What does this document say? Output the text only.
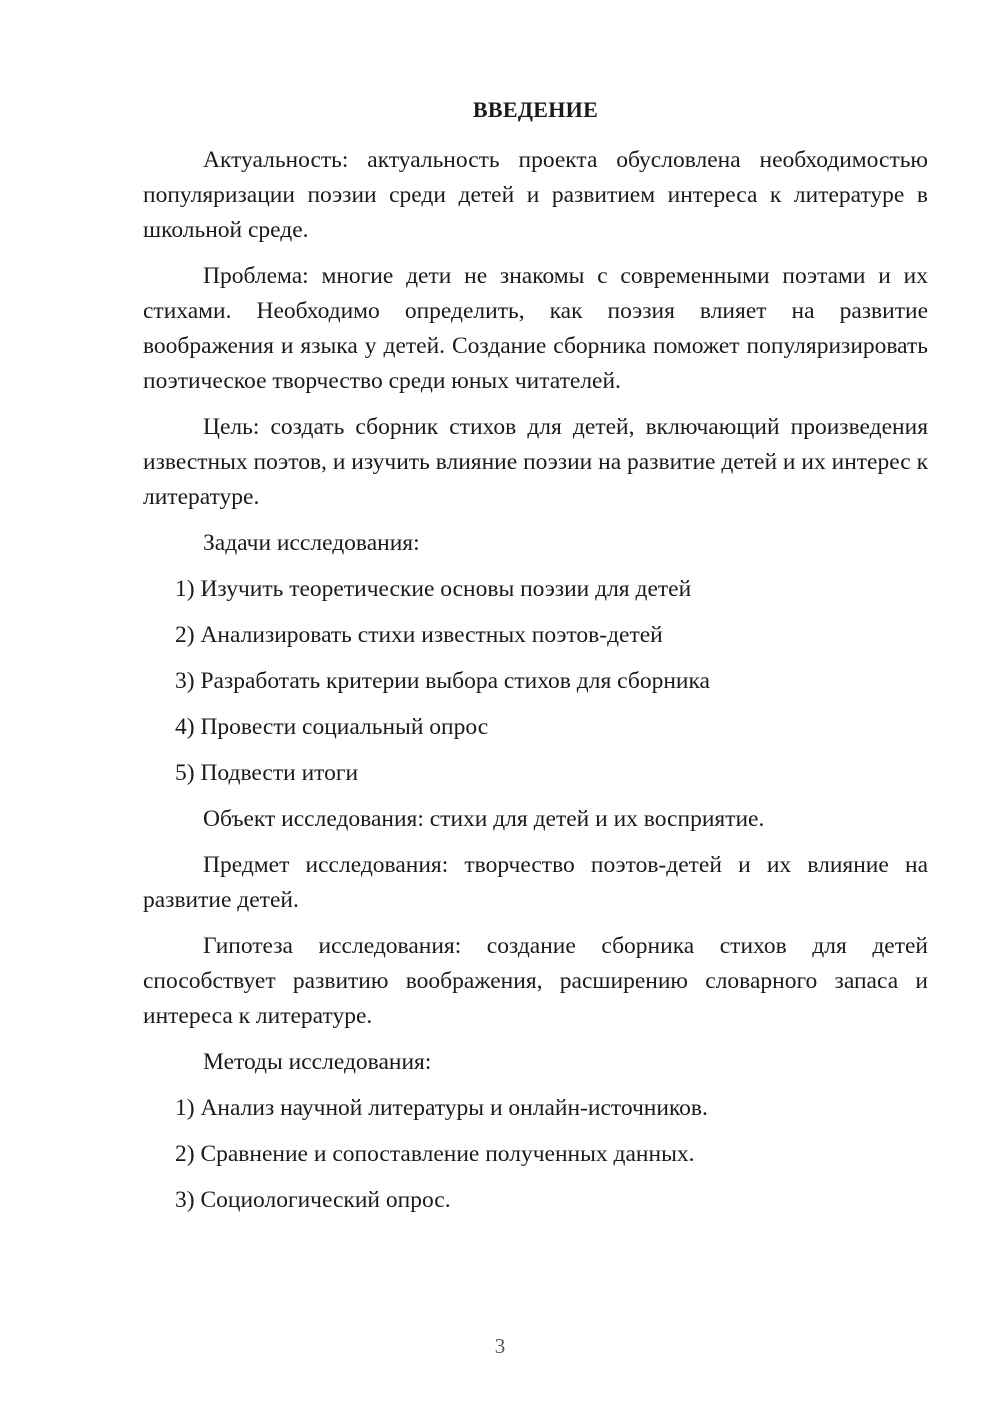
ВВЕДЕНИЕ

Актуальность: актуальность проекта обусловлена необходимостью популяризации поэзии среди детей и развитием интереса к литературе в школьной среде.

Проблема: многие дети не знакомы с современными поэтами и их стихами. Необходимо определить, как поэзия влияет на развитие воображения и языка у детей. Создание сборника поможет популяризировать поэтическое творчество среди юных читателей.

Цель: создать сборник стихов для детей, включающий произведения известных поэтов, и изучить влияние поэзии на развитие детей и их интерес к литературе.

Задачи исследования:
1) Изучить теоретические основы поэзии для детей
2) Анализировать стихи известных поэтов-детей
3) Разработать критерии выбора стихов для сборника
4) Провести социальный опрос
5) Подвести итоги
Объект исследования: стихи для детей и их восприятие.

Предмет исследования: творчество поэтов-детей и их влияние на развитие детей.

Гипотеза исследования: создание сборника стихов для детей способствует развитию воображения, расширению словарного запаса и интереса к литературе.

Методы исследования:
1) Анализ научной литературы и онлайн-источников.
2) Сравнение и сопоставление полученных данных.
3) Социологический опрос.
3
